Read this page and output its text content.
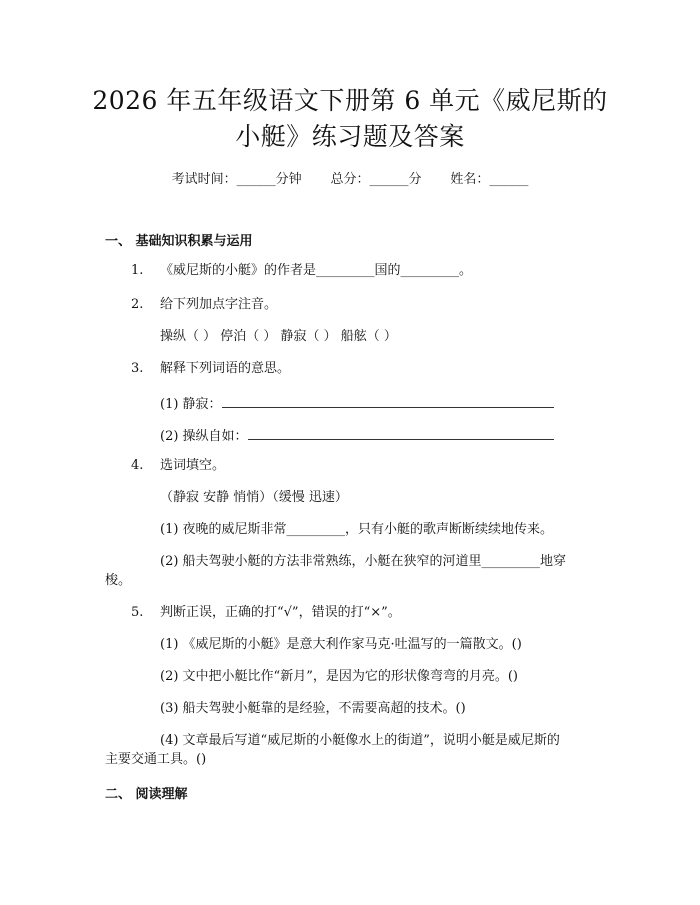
2026 年五年级语文下册第 6 单元《威尼斯的
小艇》练习题及答案
考试时间：______分钟       总分：______分       姓名：______
一、 基础知识积累与运用
1. 《威尼斯的小艇》的作者是_________国的_________。
2. 给下列加点字注音。
操纵（ ） 停泊（ ） 静寂（ ） 船舷（ ）
3. 解释下列词语的意思。
(1) 静寂：
(2) 操纵自如：
4. 选词填空。
（静寂 安静 悄悄）（缓慢 迅速）
(1) 夜晚的威尼斯非常_________，只有小艇的歌声断断续续地传来。
(2) 船夫驾驶小艇的方法非常熟练，小艇在狭窄的河道里_________地穿
梭。
5. 判断正误，正确的打“√”，错误的打“×”。
(1) 《威尼斯的小艇》是意大利作家马克·吐温写的一篇散文。()
(2) 文中把小艇比作“新月”，是因为它的形状像弯弯的月亮。()
(3) 船夫驾驶小艇靠的是经验，不需要高超的技术。()
(4) 文章最后写道“威尼斯的小艇像水上的街道”，说明小艇是威尼斯的
主要交通工具。()
二、 阅读理解
